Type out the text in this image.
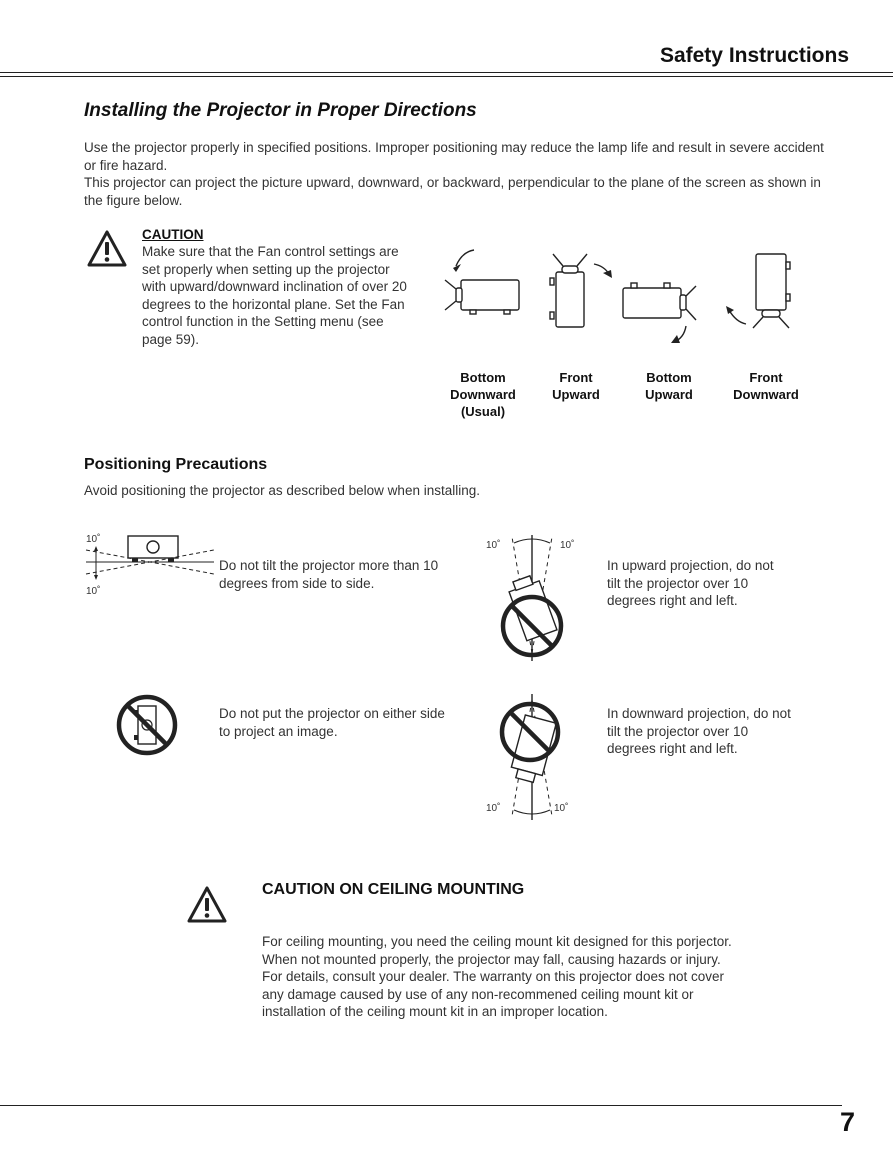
Safety Instructions
Installing the Projector in Proper Directions
Use the projector properly in specified positions. Improper positioning may reduce the lamp life and result in severe accident or fire hazard.
This projector can project the picture upward, downward, or backward, perpendicular to the plane of the screen as shown in the figure below.
CAUTION
Make sure that the Fan control settings are set properly when setting up the projector with upward/downward inclination of over 20 degrees to the horizontal plane. Set the Fan control function in the Setting menu (see page 59).
Bottom
Downward
(Usual)
Front
Upward
Bottom
Upward
Front
Downward
Positioning Precautions
Avoid positioning the projector as described below when installing.
10˚
10˚
Do not tilt the projector more than 10 degrees from side to side.
10˚	10˚
In upward projection, do not tilt the projector over 10 degrees right and left.
Do not put the projector on either side to project an image.
10˚	10˚
In downward projection, do not tilt the projector over 10 degrees right and left.
CAUTION ON CEILING MOUNTING
For ceiling mounting, you need the ceiling mount kit designed for this porjector. When not mounted properly, the projector may fall, causing hazards or injury. For details, consult your dealer. The warranty on this projector does not cover any damage caused by use of any non-recommened ceiling mount kit or installation of the ceiling mount kit in an improper location.
7
